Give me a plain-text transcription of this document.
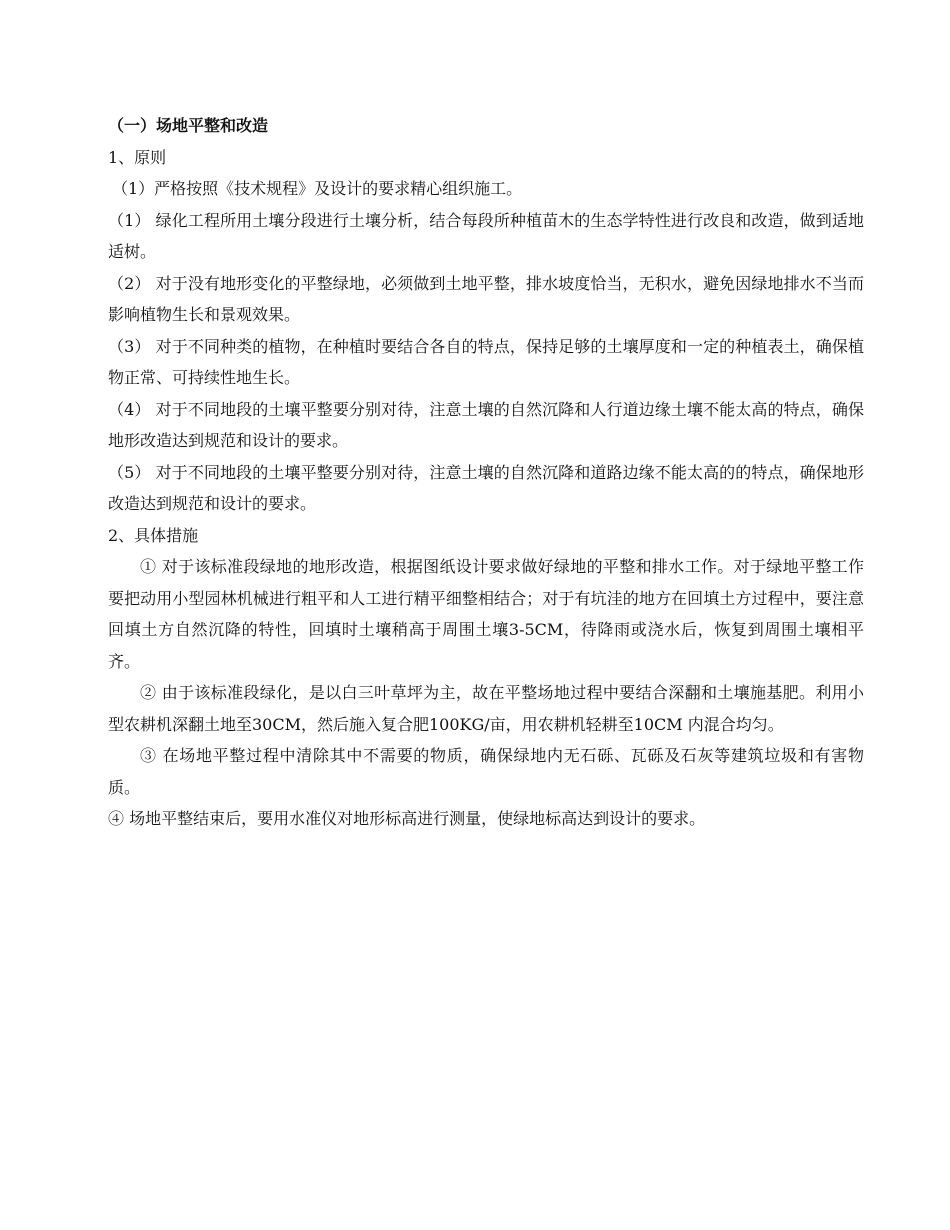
（一）场地平整和改造

1、原则

（1）严格按照《技术规程》及设计的要求精心组织施工。

（1） 绿化工程所用土壤分段进行土壤分析，结合每段所种植苗木的生态学特性进行改良和改造，做到适地适树。

（2） 对于没有地形变化的平整绿地，必须做到土地平整，排水坡度恰当，无积水，避免因绿地排水不当而影响植物生长和景观效果。

（3） 对于不同种类的植物，在种植时要结合各自的特点，保持足够的土壤厚度和一定的种植表土，确保植物正常、可持续性地生长。

（4） 对于不同地段的土壤平整要分别对待，注意土壤的自然沉降和人行道边缘土壤不能太高的特点，确保地形改造达到规范和设计的要求。

（5） 对于不同地段的土壤平整要分别对待，注意土壤的自然沉降和道路边缘不能太高的的特点，确保地形改造达到规范和设计的要求。

2、具体措施

① 对于该标准段绿地的地形改造，根据图纸设计要求做好绿地的平整和排水工作。对于绿地平整工作要把动用小型园林机械进行粗平和人工进行精平细整相结合；对于有坑洼的地方在回填土方过程中，要注意回填土方自然沉降的特性，回填时土壤稍高于周围土壤3-5CM，待降雨或浇水后，恢复到周围土壤相平齐。

② 由于该标准段绿化，是以白三叶草坪为主，故在平整场地过程中要结合深翻和土壤施基肥。利用小型农耕机深翻土地至30CM，然后施入复合肥100KG/亩，用农耕机轻耕至10CM 内混合均匀。

③ 在场地平整过程中清除其中不需要的物质，确保绿地内无石砾、瓦砾及石灰等建筑垃圾和有害物质。

④ 场地平整结束后，要用水准仪对地形标高进行测量，使绿地标高达到设计的要求。
